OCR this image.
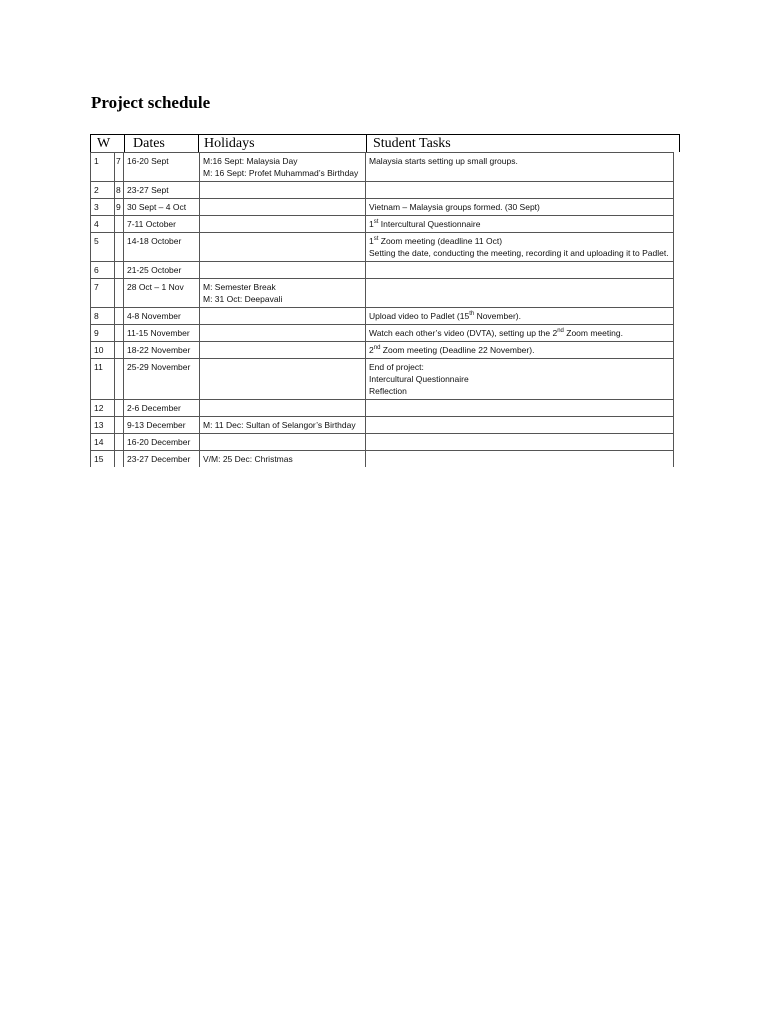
Project schedule
W Dates	Holidays	Student Tasks
1	7	16-20 Sept	M:16 Sept: Malaysia Day
M: 16 Sept: Profet Muhammad’s Birthday	Malaysia starts setting up small groups.

2	8	23-27 Sept		
3	9	30 Sept – 4 Oct		Vietnam – Malaysia groups formed. (30 Sept)

4		7-11 October		1st Intercultural Questionnaire

5		14-18 October		1st Zoom meeting (deadline 11 Oct)
Setting the date, conducting the meeting, recording it and uploading it to Padlet.

6		21-25 October		
7		28 Oct – 1 Nov	M: Semester Break
M: 31 Oct: Deepavali	

8		4-8 November		Upload video to Padlet (15th November).

9		11-15 November		Watch each other’s video (DVTA), setting up the 2nd Zoom meeting.

10		18-22 November		2nd Zoom meeting (Deadline 22 November).

11		25-29 November		End of project:
Intercultural Questionnaire
Reflection

12		2-6 December		
13		9-13 December	M: 11 Dec: Sultan of Selangor’s Birthday	

14		16-20 December		
15		23-27 December	V/M: 25 Dec: Christmas	
